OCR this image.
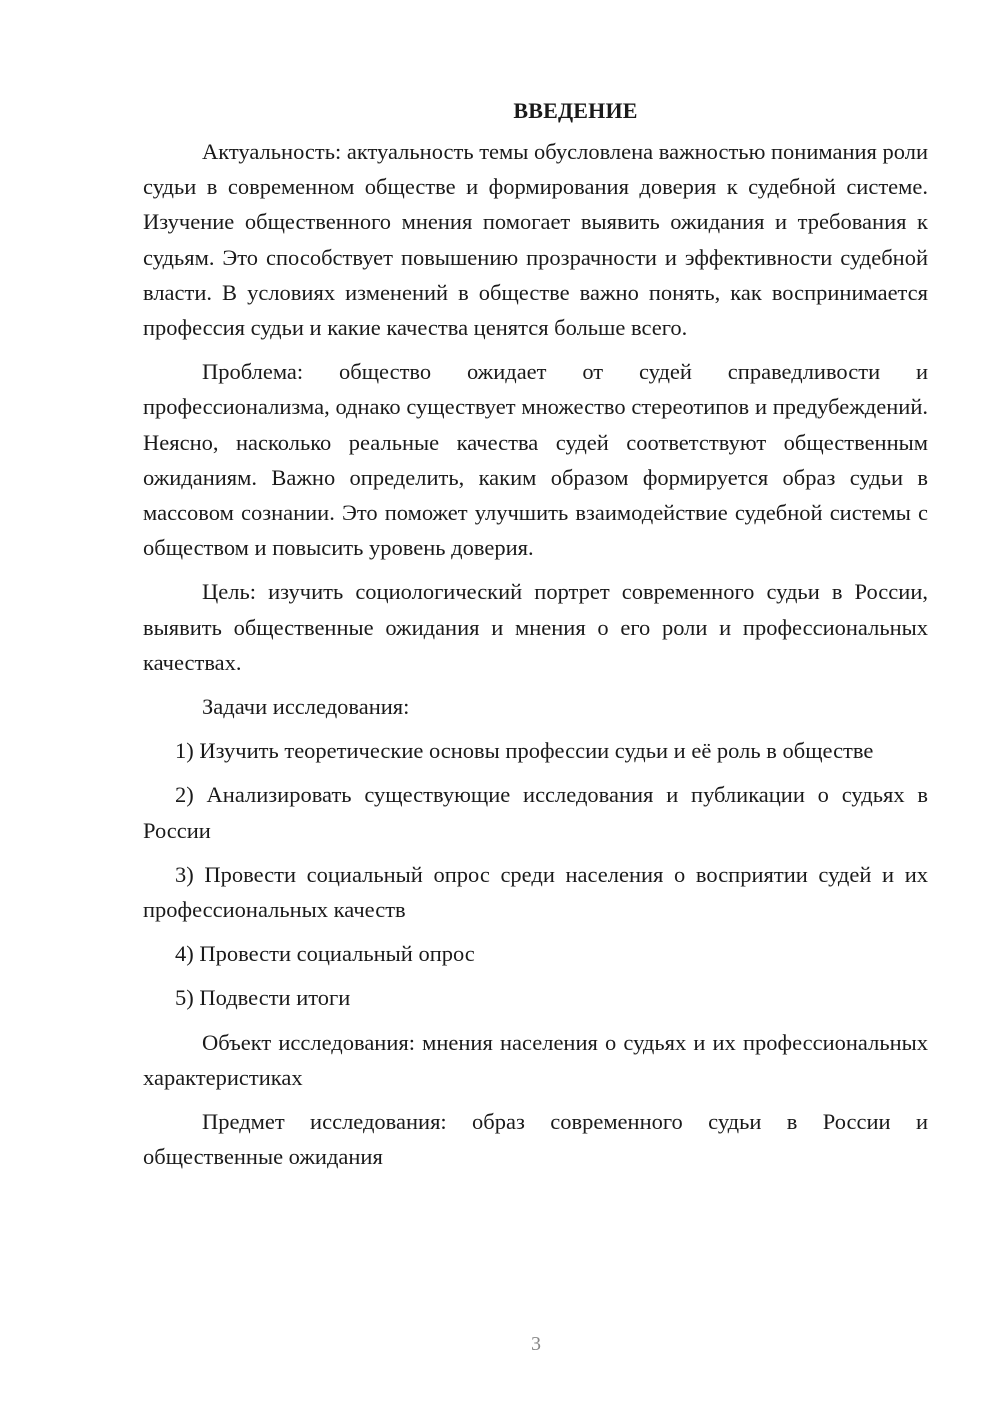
ВВЕДЕНИЕ

Актуальность: актуальность темы обусловлена важностью понимания роли судьи в современном обществе и формирования доверия к судебной системе. Изучение общественного мнения помогает выявить ожидания и требования к судьям. Это способствует повышению прозрачности и эффективности судебной власти. В условиях изменений в обществе важно понять, как воспринимается профессия судьи и какие качества ценятся больше всего.

Проблема: общество ожидает от судей справедливости и профессионализма, однако существует множество стереотипов и предубеждений. Неясно, насколько реальные качества судей соответствуют общественным ожиданиям. Важно определить, каким образом формируется образ судьи в массовом сознании. Это поможет улучшить взаимодействие судебной системы с обществом и повысить уровень доверия.

Цель: изучить социологический портрет современного судьи в России, выявить общественные ожидания и мнения о его роли и профессиональных качествах.

Задачи исследования:

1) Изучить теоретические основы профессии судьи и её роль в обществе

2) Анализировать существующие исследования и публикации о судьях в России

3) Провести социальный опрос среди населения о восприятии судей и их профессиональных качеств

4) Провести социальный опрос

5) Подвести итоги

Объект исследования: мнения населения о судьях и их профессиональных характеристиках

Предмет исследования: образ современного судьи в России и общественные ожидания

3
